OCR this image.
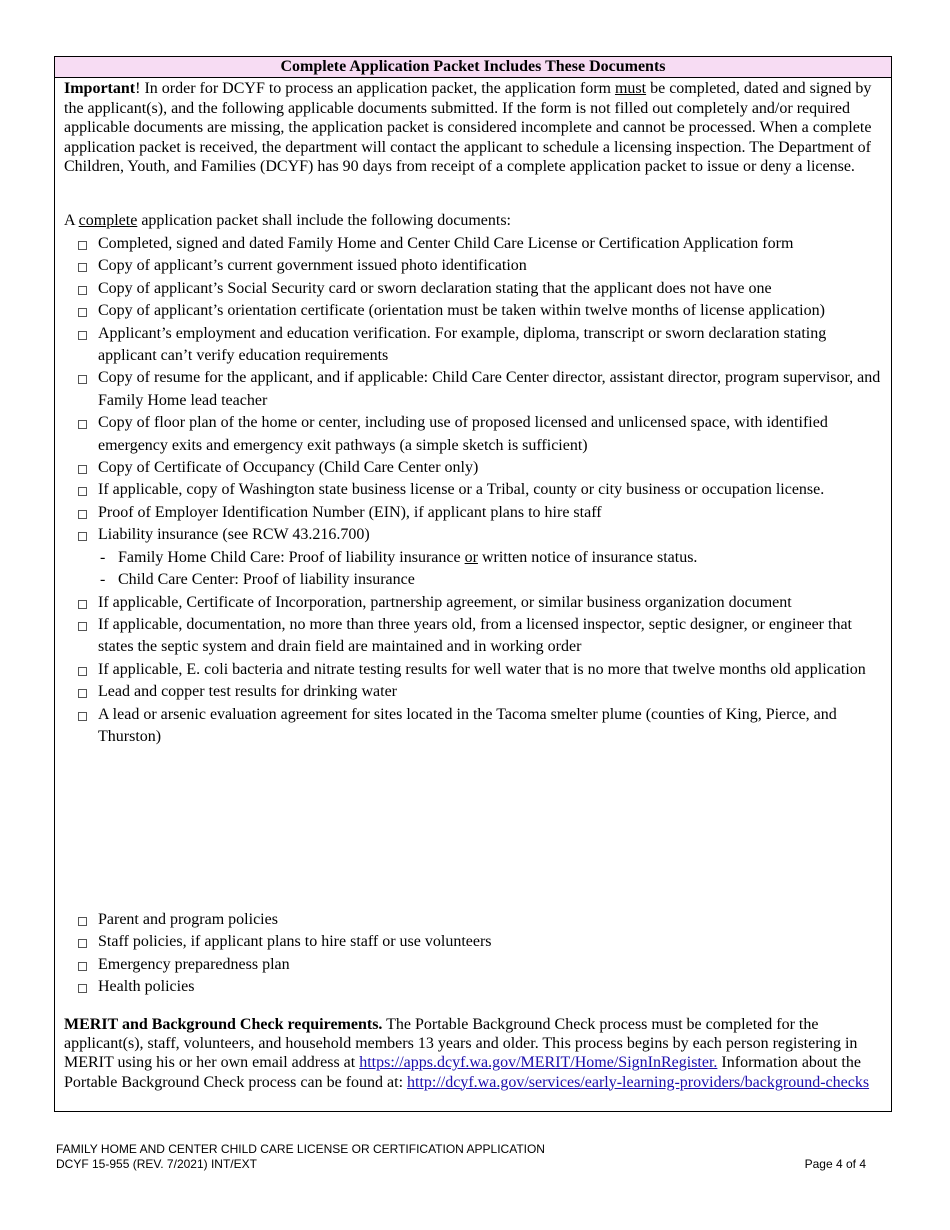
Complete Application Packet Includes These Documents
Important! In order for DCYF to process an application packet, the application form must be completed, dated and signed by the applicant(s), and the following applicable documents submitted. If the form is not filled out completely and/or required applicable documents are missing, the application packet is considered incomplete and cannot be processed. When a complete application packet is received, the department will contact the applicant to schedule a licensing inspection. The Department of Children, Youth, and Families (DCYF) has 90 days from receipt of a complete application packet to issue or deny a license.
A complete application packet shall include the following documents:
Completed, signed and dated Family Home and Center Child Care License or Certification Application form
Copy of applicant’s current government issued photo identification
Copy of applicant’s Social Security card or sworn declaration stating that the applicant does not have one
Copy of applicant’s orientation certificate (orientation must be taken within twelve months of license application)
Applicant’s employment and education verification. For example, diploma, transcript or sworn declaration stating applicant can’t verify education requirements
Copy of resume for the applicant, and if applicable: Child Care Center director, assistant director, program supervisor, and Family Home lead teacher
Copy of floor plan of the home or center, including use of proposed licensed and unlicensed space, with identified emergency exits and emergency exit pathways (a simple sketch is sufficient)
Copy of Certificate of Occupancy (Child Care Center only)
If applicable, copy of Washington state business license or a Tribal, county or city business or occupation license.
Proof of Employer Identification Number (EIN), if applicant plans to hire staff
Liability insurance (see RCW 43.216.700)
- Family Home Child Care: Proof of liability insurance or written notice of insurance status.
- Child Care Center: Proof of liability insurance
If applicable, Certificate of Incorporation, partnership agreement, or similar business organization document
If applicable, documentation, no more than three years old, from a licensed inspector, septic designer, or engineer that states the septic system and drain field are maintained and in working order
If applicable, E. coli bacteria and nitrate testing results for well water that is no more that twelve months old application
Lead and copper test results for drinking water
A lead or arsenic evaluation agreement for sites located in the Tacoma smelter plume (counties of King, Pierce, and Thurston)
Parent and program policies
Staff policies, if applicant plans to hire staff or use volunteers
Emergency preparedness plan
Health policies
MERIT and Background Check requirements. The Portable Background Check process must be completed for the applicant(s), staff, volunteers, and household members 13 years and older. This process begins by each person registering in MERIT using his or her own email address at https://apps.dcyf.wa.gov/MERIT/Home/SignInRegister. Information about the Portable Background Check process can be found at: http://dcyf.wa.gov/services/early-learning-providers/background-checks
FAMILY HOME AND CENTER CHILD CARE LICENSE OR CERTIFICATION APPLICATION
DCYF 15-955 (REV. 7/2021) INT/EXT	Page 4 of 4
